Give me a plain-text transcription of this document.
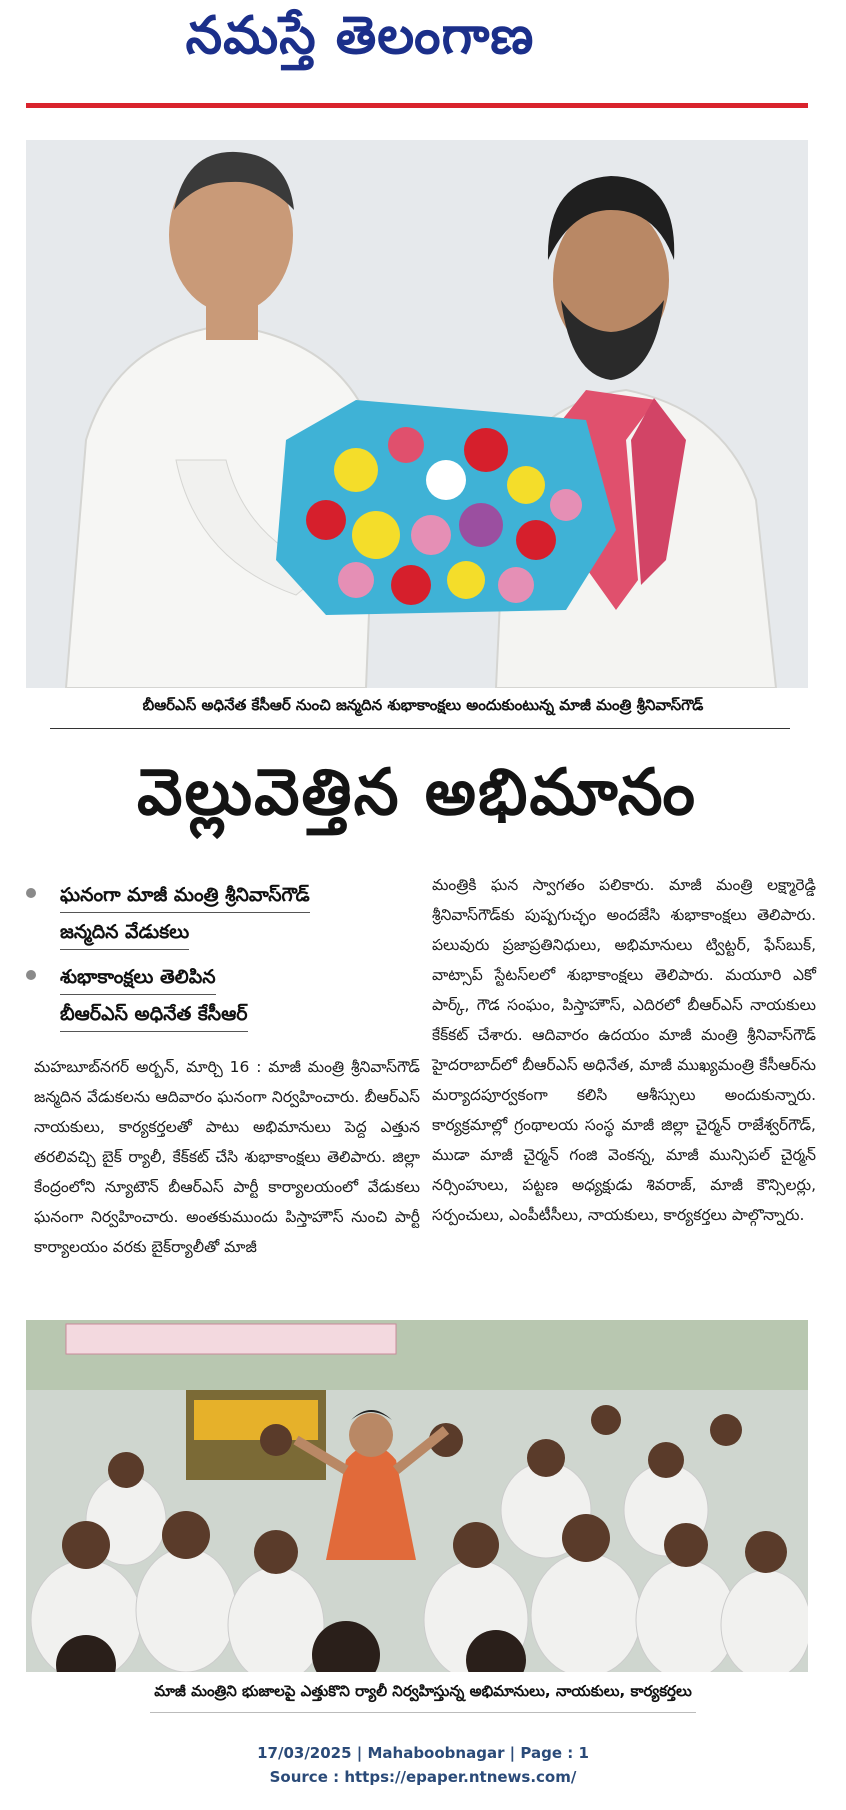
నమస్తే తెలంగాణ
బీఆర్ఎస్ అధినేత కేసీఆర్ నుంచి జన్మదిన శుభాకాంక్షలు అందుకుంటున్న మాజీ మంత్రి శ్రీనివాస్‌గౌడ్
వెల్లువెత్తిన అభిమానం
ఘనంగా మాజీ మంత్రి శ్రీనివాస్‌గౌడ్
జన్మదిన వేడుకలు
శుభాకాంక్షలు తెలిపిన
బీఆర్ఎస్ అధినేత కేసీఆర్

మహబూబ్‌నగర్ అర్బన్, మార్చి 16 : మాజీ మంత్రి శ్రీనివాస్‌గౌడ్ జన్మదిన వేడుకలను ఆదివారం ఘనంగా నిర్వహించారు. బీఆర్ఎస్ నాయకులు, కార్యకర్తలతో పాటు అభిమానులు పెద్ద ఎత్తున తరలివచ్చి బైక్ ర్యాలీ, కేక్‌కట్ చేసి శుభాకాంక్షలు తెలిపారు. జిల్లా కేంద్రంలోని న్యూటౌన్ బీఆర్ఎస్ పార్టీ కార్యాలయంలో వేడుకలు ఘనంగా నిర్వహించారు. అంతకుముందు పిస్తాహౌస్ నుంచి పార్టీ కార్యాలయం వరకు బైక్‌ర్యాలీతో మాజీ

మంత్రికి ఘన స్వాగతం పలికారు. మాజీ మంత్రి లక్ష్మారెడ్డి శ్రీనివాస్‌గౌడ్‌కు పుష్పగుచ్ఛం అందజేసి శుభాకాంక్షలు తెలిపారు. పలువురు ప్రజాప్రతినిధులు, అభిమానులు ట్విట్టర్, ఫేస్‌బుక్, వాట్సాప్ స్టేటస్‌లలో శుభాకాంక్షలు తెలిపారు. మయూరి ఎకో పార్క్, గౌడ సంఘం, పిస్తాహౌస్, ఎదిరలో బీఆర్ఎస్ నాయకులు కేక్‌కట్ చేశారు. ఆదివారం ఉదయం మాజీ మంత్రి శ్రీనివాస్‌గౌడ్ హైదరాబాద్‌లో బీఆర్ఎస్ అధినేత, మాజీ ముఖ్యమంత్రి కేసీఆర్‌ను మర్యాదపూర్వకంగా కలిసి ఆశీస్సులు అందుకున్నారు. కార్యక్రమాల్లో గ్రంథాలయ సంస్థ మాజీ జిల్లా చైర్మన్ రాజేశ్వర్‌గౌడ్, ముడా మాజీ చైర్మన్ గంజి వెంకన్న, మాజీ మున్సిపల్ చైర్మన్ నర్సింహులు, పట్టణ అధ్యక్షుడు శివరాజ్, మాజీ కౌన్సిలర్లు, సర్పంచులు, ఎంపీటీసీలు, నాయకులు, కార్యకర్తలు పాల్గొన్నారు.

మాజీ మంత్రిని భుజాలపై ఎత్తుకొని ర్యాలీ నిర్వహిస్తున్న అభిమానులు, నాయకులు, కార్యకర్తలు
17/03/2025 | Mahaboobnagar | Page : 1
Source : https://epaper.ntnews.com/
